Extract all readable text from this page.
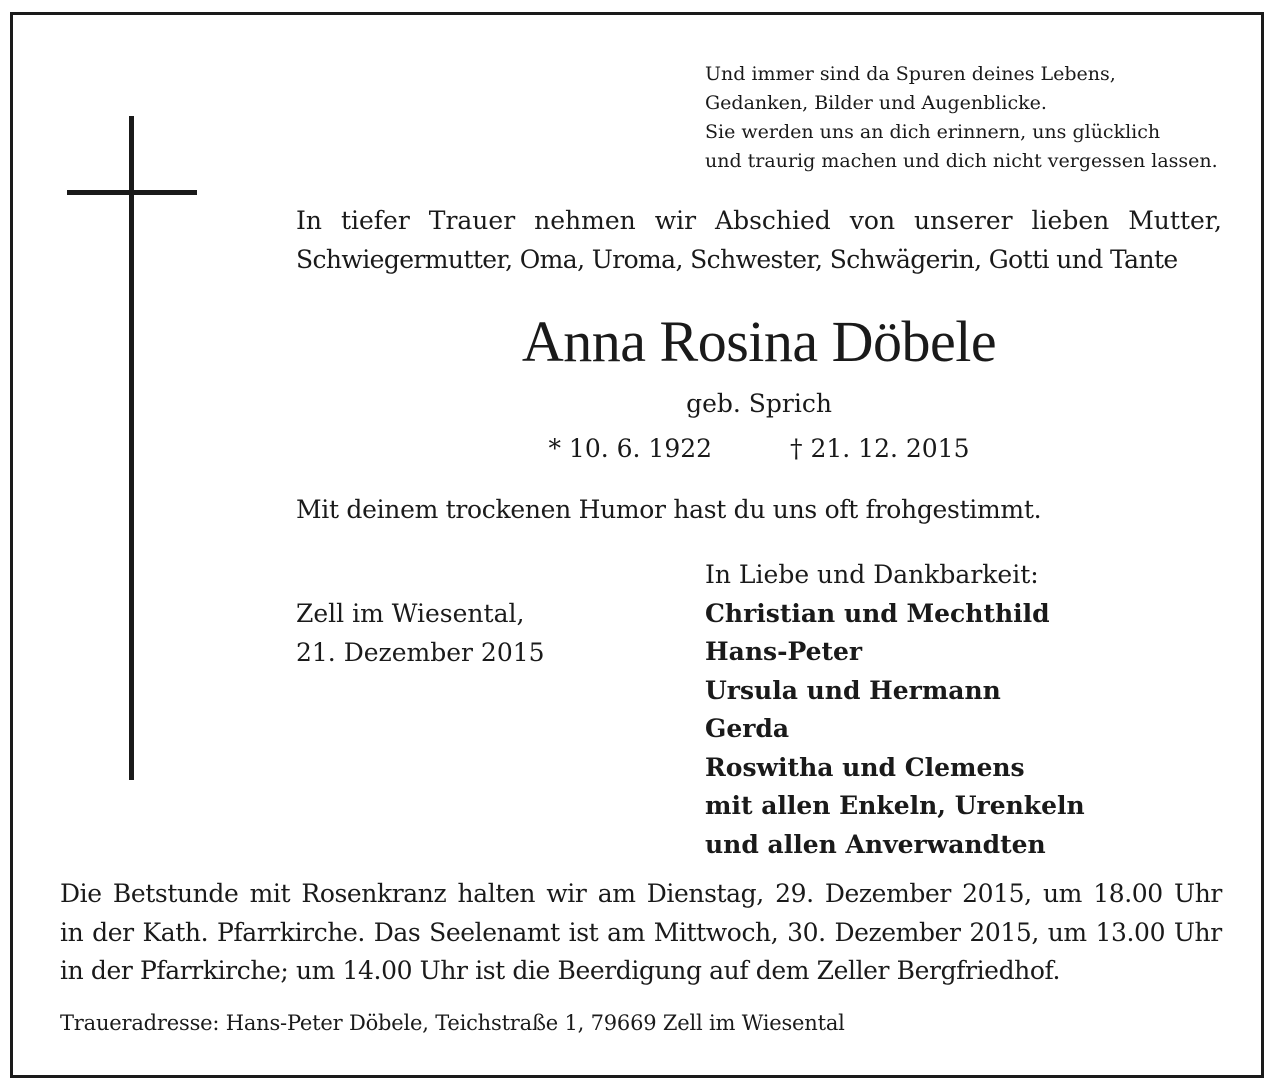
Und immer sind da Spuren deines Lebens,
Gedanken, Bilder und Augenblicke.
Sie werden uns an dich erinnern, uns glücklich
und traurig machen und dich nicht vergessen lassen.
In tiefer Trauer nehmen wir Abschied von unserer lieben Mutter,
Schwiegermutter, Oma, Uroma, Schwester, Schwägerin, Gotti und Tante
Anna Rosina Döbele
geb. Sprich
* 10. 6. 1922	† 21. 12. 2015
Mit deinem trockenen Humor hast du uns oft frohgestimmt.
Zell im Wiesental,
21. Dezember 2015
In Liebe und Dankbarkeit:
Christian und Mechthild
Hans-Peter
Ursula und Hermann
Gerda
Roswitha und Clemens
mit allen Enkeln, Urenkeln
und allen Anverwandten
Die Betstunde mit Rosenkranz halten wir am Dienstag, 29. Dezember 2015, um 18.00 Uhr
in der Kath. Pfarrkirche. Das Seelenamt ist am Mittwoch, 30. Dezember 2015, um 13.00 Uhr
in der Pfarrkirche; um 14.00 Uhr ist die Beerdigung auf dem Zeller Bergfriedhof.
Traueradresse: Hans-Peter Döbele, Teichstraße 1, 79669 Zell im Wiesental
